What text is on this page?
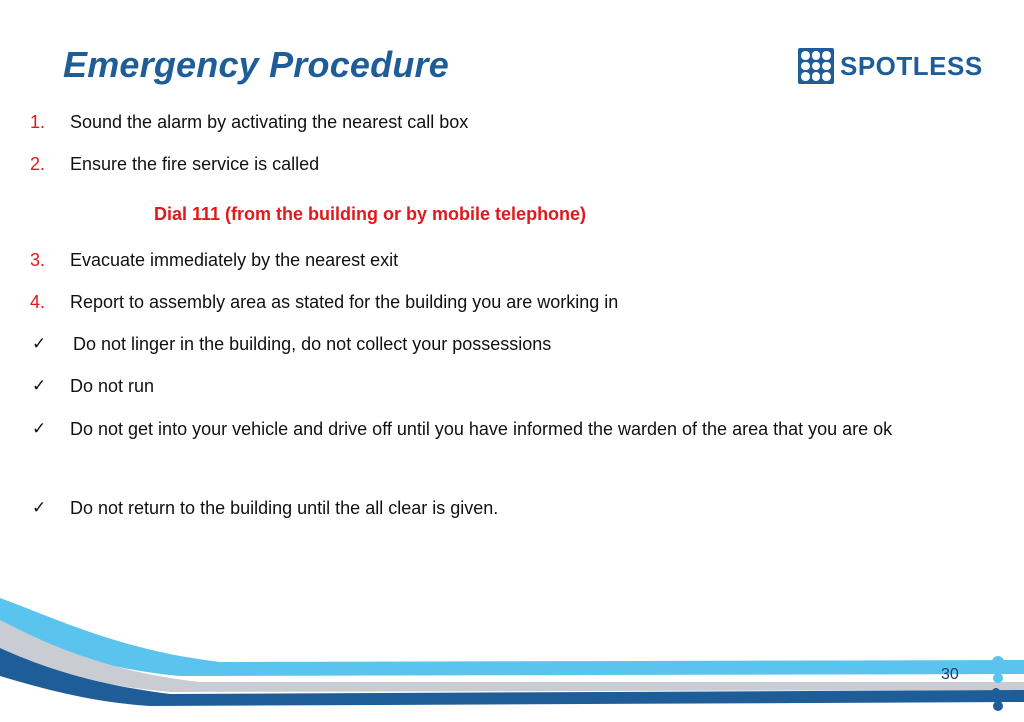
Emergency Procedure	SPOTLESS
1.	Sound the alarm by activating the nearest call box
2.	Ensure the fire service is called
Dial 111 (from the building or by mobile telephone)
3.	Evacuate immediately by the nearest exit
4.	Report to assembly area as stated for the building you are working in
✓	Do not linger in the building, do not collect your possessions
✓	Do not run
✓	Do not get into your vehicle and drive off until you have informed the warden of the area that you are ok
✓	Do not return to the building until the all clear is given.
30
